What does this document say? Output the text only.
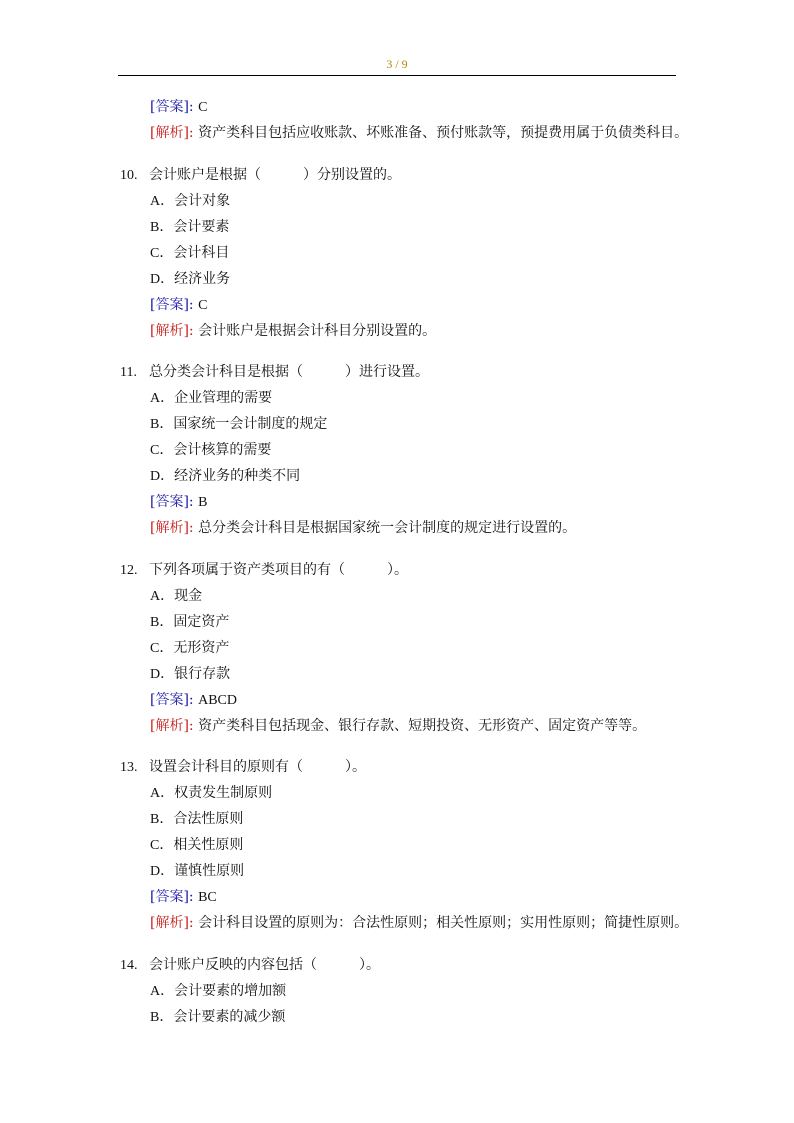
3 / 9
[答案]: C
[解析]: 资产类科目包括应收账款、坏账准备、预付账款等，预提费用属于负债类科目。
10. 会计账户是根据（　　　）分别设置的。
A．会计对象
B．会计要素
C．会计科目
D．经济业务
[答案]: C
[解析]: 会计账户是根据会计科目分别设置的。
11. 总分类会计科目是根据（　　　）进行设置。
A．企业管理的需要
B．国家统一会计制度的规定
C．会计核算的需要
D．经济业务的种类不同
[答案]: B
[解析]: 总分类会计科目是根据国家统一会计制度的规定进行设置的。
12. 下列各项属于资产类项目的有（　　　）。
A．现金
B．固定资产
C．无形资产
D．银行存款
[答案]: ABCD
[解析]: 资产类科目包括现金、银行存款、短期投资、无形资产、固定资产等等。
13. 设置会计科目的原则有（　　　）。
A．权责发生制原则
B．合法性原则
C．相关性原则
D．谨慎性原则
[答案]: BC
[解析]: 会计科目设置的原则为：合法性原则；相关性原则；实用性原则；简捷性原则。
14. 会计账户反映的内容包括（　　　）。
A．会计要素的增加额
B．会计要素的减少额
